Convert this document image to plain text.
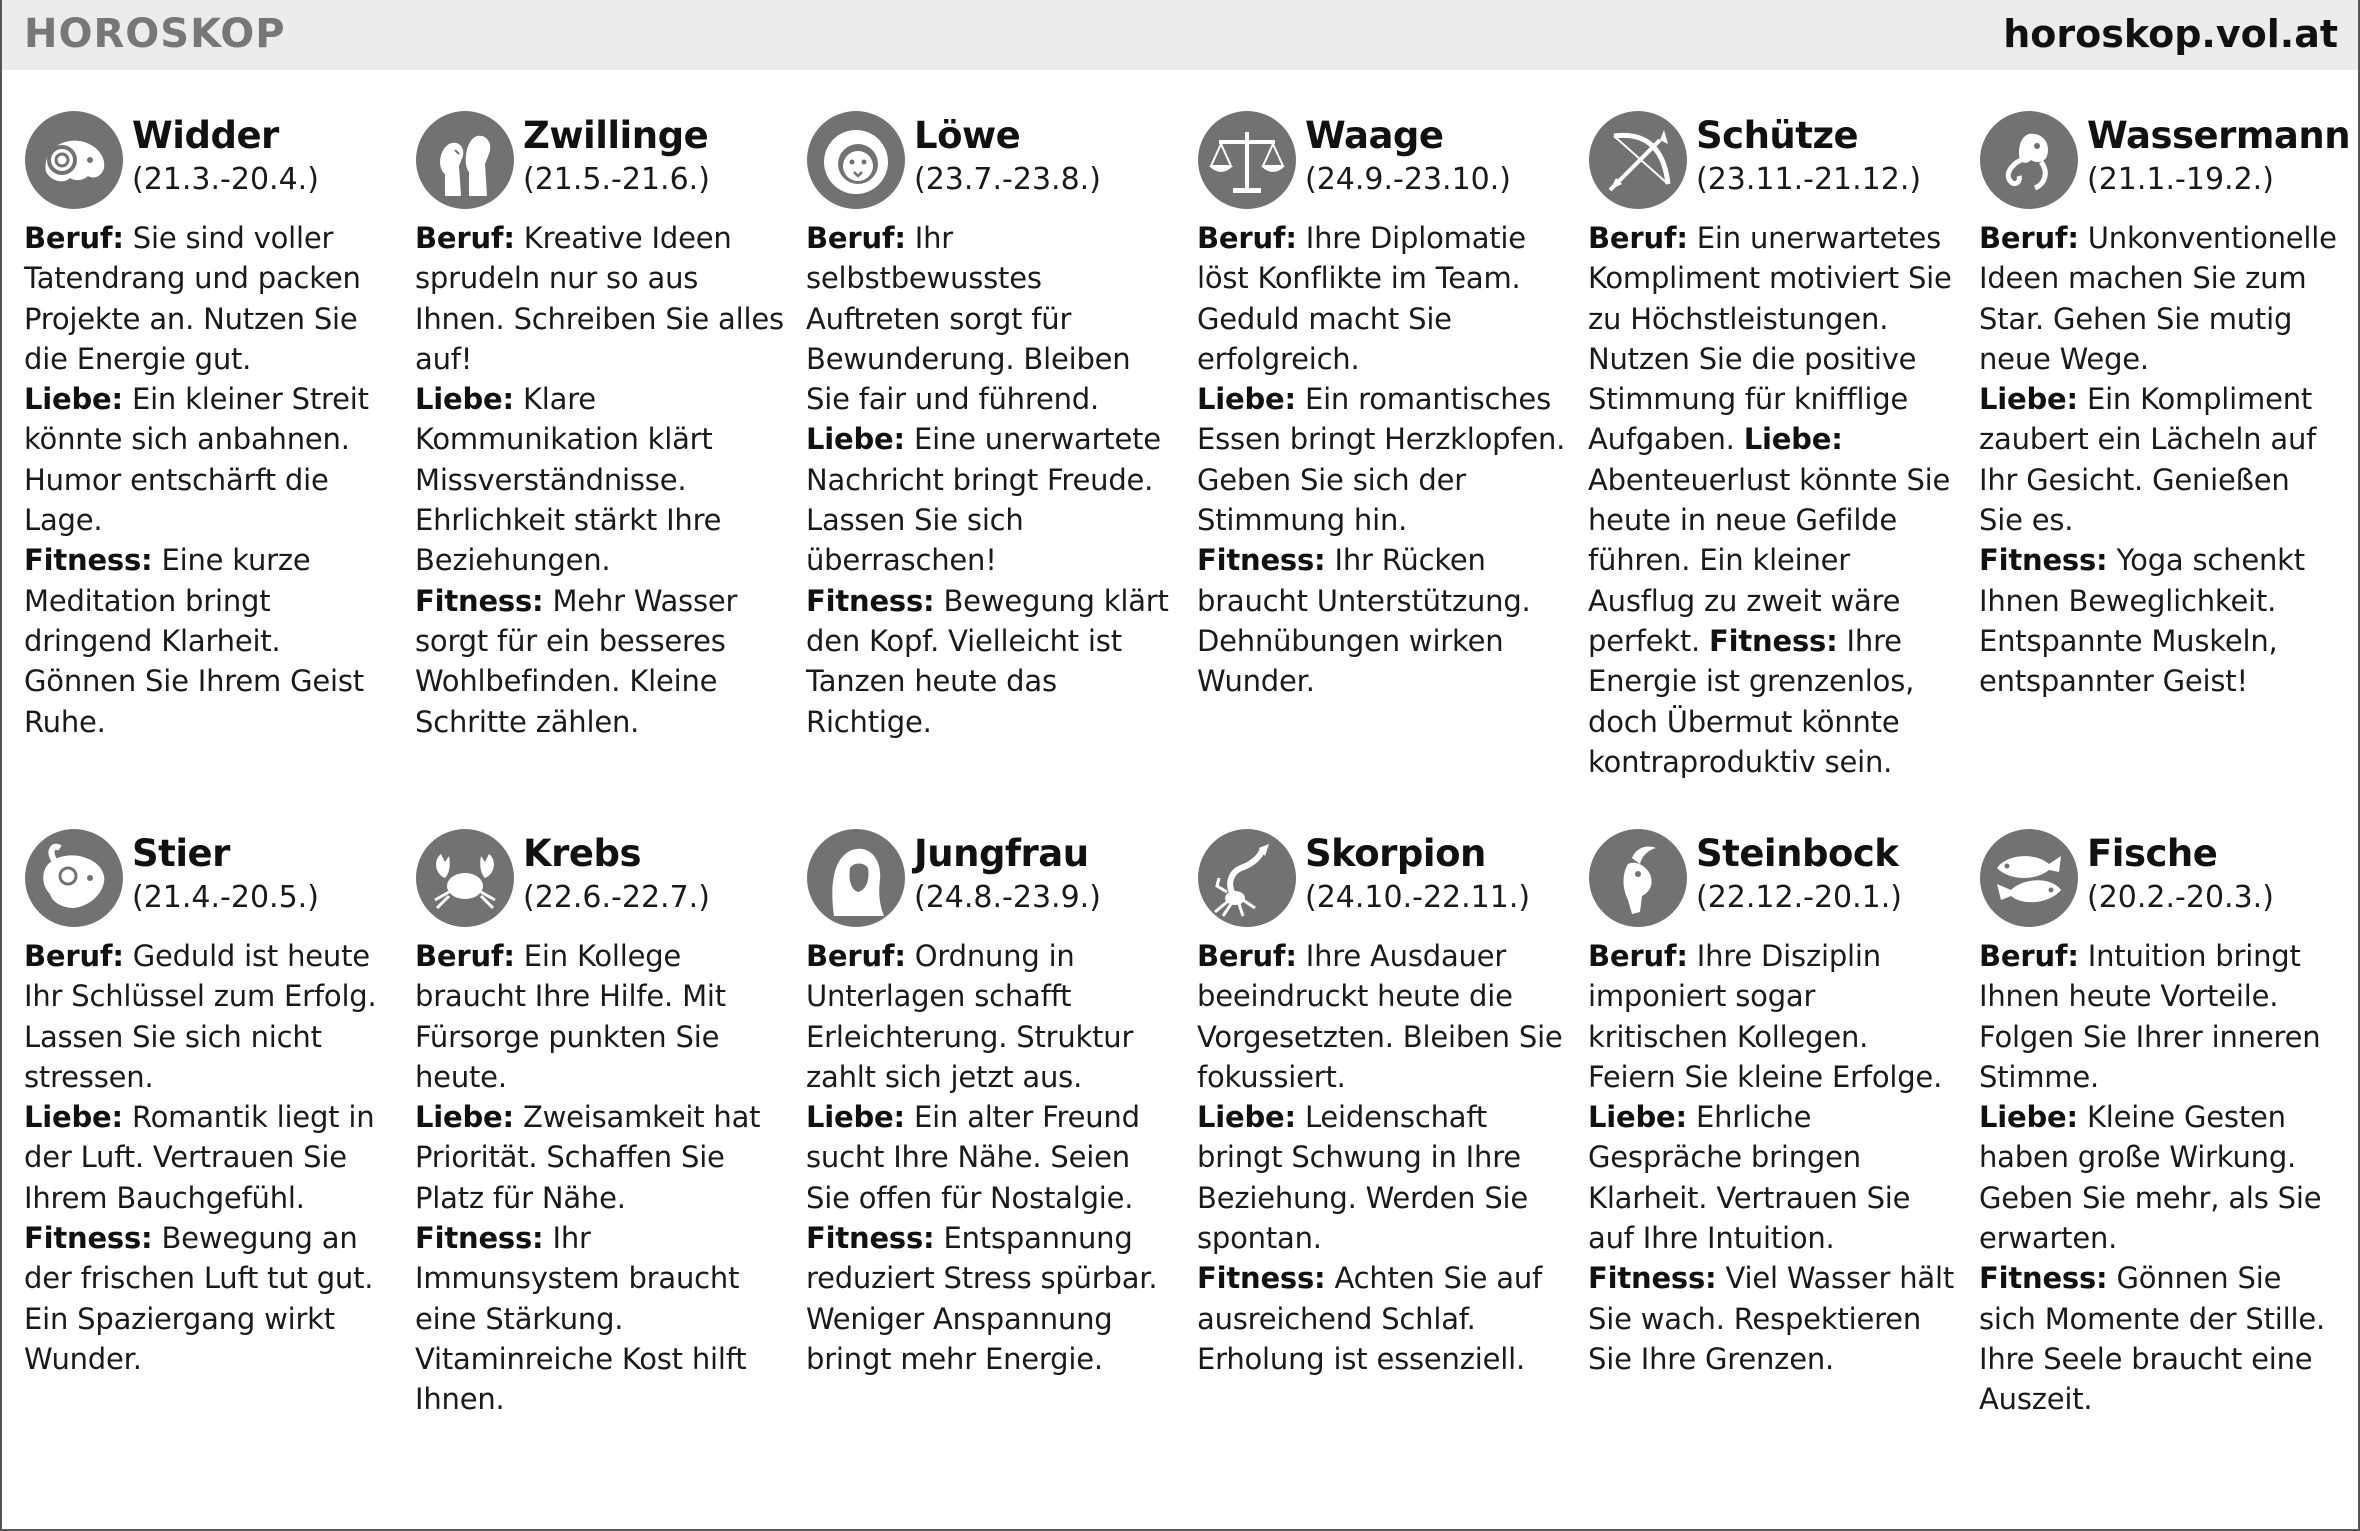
HOROSKOP	horoskop.vol.at
Widder
(21.3.-20.4.)
Beruf: Sie sind voller Tatendrang und packen Projekte an. Nutzen Sie die Energie gut.
Liebe: Ein kleiner Streit könnte sich anbahnen. Humor entschärft die Lage.
Fitness: Eine kurze Meditation bringt dringend Klarheit. Gönnen Sie Ihrem Geist Ruhe.
Zwillinge
(21.5.-21.6.)
Beruf: Kreative Ideen sprudeln nur so aus Ihnen. Schreiben Sie alles auf!
Liebe: Klare Kommunikation klärt Missverständnisse. Ehrlichkeit stärkt Ihre Beziehungen.
Fitness: Mehr Wasser sorgt für ein besseres Wohlbefinden. Kleine Schritte zählen.
Löwe
(23.7.-23.8.)
Beruf: Ihr selbstbewusstes Auftreten sorgt für Bewunderung. Bleiben Sie fair und führend.
Liebe: Eine unerwartete Nachricht bringt Freude. Lassen Sie sich überraschen!
Fitness: Bewegung klärt den Kopf. Vielleicht ist Tanzen heute das Richtige.
Waage
(24.9.-23.10.)
Beruf: Ihre Diplomatie löst Konflikte im Team. Geduld macht Sie erfolgreich.
Liebe: Ein romantisches Essen bringt Herzklopfen. Geben Sie sich der Stimmung hin.
Fitness: Ihr Rücken braucht Unterstützung. Dehnübungen wirken Wunder.
Schütze
(23.11.-21.12.)
Beruf: Ein unerwartetes Kompliment motiviert Sie zu Höchstleistungen. Nutzen Sie die positive Stimmung für knifflige Aufgaben. Liebe: Abenteuerlust könnte Sie heute in neue Gefilde führen. Ein kleiner Ausflug zu zweit wäre perfekt. Fitness: Ihre Energie ist grenzenlos, doch Übermut könnte kontraproduktiv sein.
Wassermann
(21.1.-19.2.)
Beruf: Unkonventionelle Ideen machen Sie zum Star. Gehen Sie mutig neue Wege.
Liebe: Ein Kompliment zaubert ein Lächeln auf Ihr Gesicht. Genießen Sie es.
Fitness: Yoga schenkt Ihnen Beweglichkeit. Entspannte Muskeln, entspannter Geist!
Stier
(21.4.-20.5.)
Beruf: Geduld ist heute Ihr Schlüssel zum Erfolg. Lassen Sie sich nicht stressen.
Liebe: Romantik liegt in der Luft. Vertrauen Sie Ihrem Bauchgefühl.
Fitness: Bewegung an der frischen Luft tut gut. Ein Spaziergang wirkt Wunder.
Krebs
(22.6.-22.7.)
Beruf: Ein Kollege braucht Ihre Hilfe. Mit Fürsorge punkten Sie heute.
Liebe: Zweisamkeit hat Priorität. Schaffen Sie Platz für Nähe.
Fitness: Ihr Immunsystem braucht eine Stärkung. Vitaminreiche Kost hilft Ihnen.
Jungfrau
(24.8.-23.9.)
Beruf: Ordnung in Unterlagen schafft Erleichterung. Struktur zahlt sich jetzt aus.
Liebe: Ein alter Freund sucht Ihre Nähe. Seien Sie offen für Nostalgie.
Fitness: Entspannung reduziert Stress spürbar. Weniger Anspannung bringt mehr Energie.
Skorpion
(24.10.-22.11.)
Beruf: Ihre Ausdauer beeindruckt heute die Vorgesetzten. Bleiben Sie fokussiert.
Liebe: Leidenschaft bringt Schwung in Ihre Beziehung. Werden Sie spontan.
Fitness: Achten Sie auf ausreichend Schlaf. Erholung ist essenziell.
Steinbock
(22.12.-20.1.)
Beruf: Ihre Disziplin imponiert sogar kritischen Kollegen. Feiern Sie kleine Erfolge.
Liebe: Ehrliche Gespräche bringen Klarheit. Vertrauen Sie auf Ihre Intuition.
Fitness: Viel Wasser hält Sie wach. Respektieren Sie Ihre Grenzen.
Fische
(20.2.-20.3.)
Beruf: Intuition bringt Ihnen heute Vorteile. Folgen Sie Ihrer inneren Stimme.
Liebe: Kleine Gesten haben große Wirkung. Geben Sie mehr, als Sie erwarten.
Fitness: Gönnen Sie sich Momente der Stille. Ihre Seele braucht eine Auszeit.
